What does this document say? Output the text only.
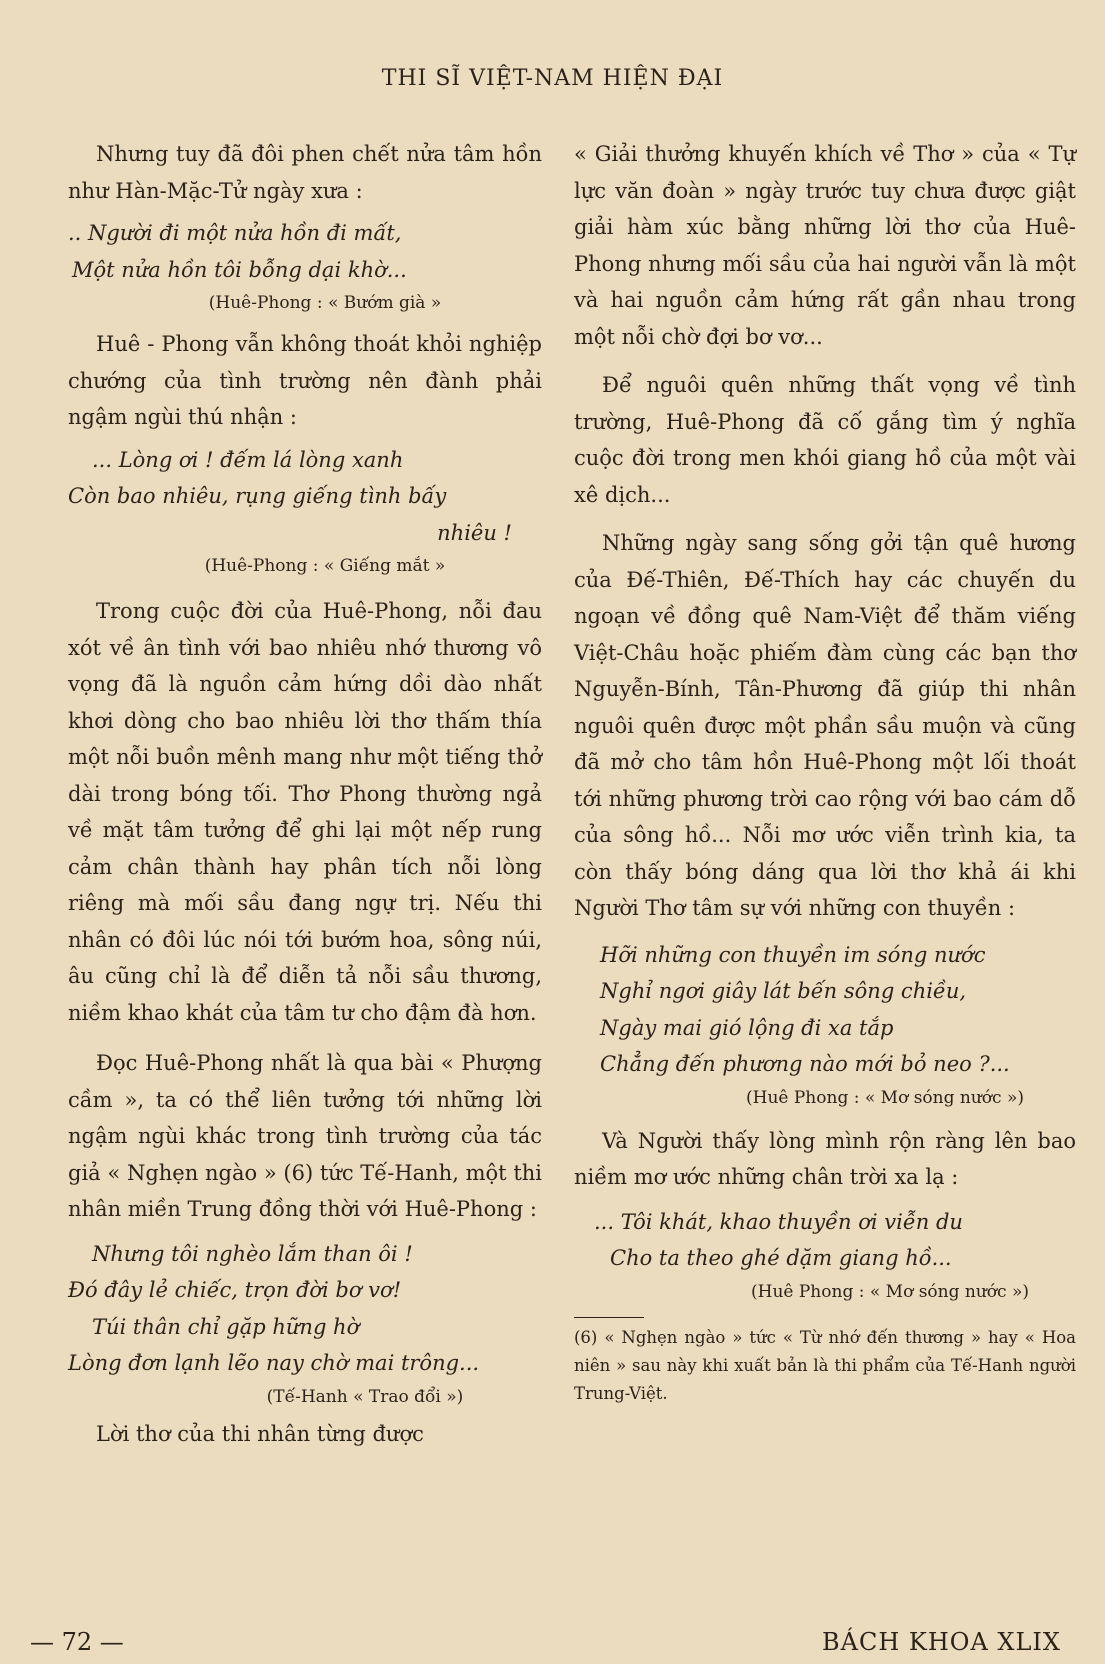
THI SĨ VIỆT-NAM HIỆN ĐẠI

Nhưng tuy đã đôi phen chết nửa tâm hồn như Hàn-Mặc-Tử ngày xưa :

.. Người đi một nửa hồn đi mất,
Một nửa hồn tôi bỗng dại khờ...

(Huê-Phong : « Bướm già »

Huê - Phong vẫn không thoát khỏi nghiệp chướng của tình trường nên đành phải ngậm ngùi thú nhận :

... Lòng ơi ! đếm lá lòng xanh
Còn bao nhiêu, rụng giếng tình bấy
nhiêu !

(Huê-Phong : « Giếng mắt »

Trong cuộc đời của Huê-Phong, nỗi đau xót về ân tình với bao nhiêu nhớ thương vô vọng đã là nguồn cảm hứng dồi dào nhất khơi dòng cho bao nhiêu lời thơ thấm thía một nỗi buồn mênh mang như một tiếng thở dài trong bóng tối. Thơ Phong thường ngả về mặt tâm tưởng để ghi lại một nếp rung cảm chân thành hay phân tích nỗi lòng riêng mà mối sầu đang ngự trị. Nếu thi nhân có đôi lúc nói tới bướm hoa, sông núi, âu cũng chỉ là để diễn tả nỗi sầu thương, niềm khao khát của tâm tư cho đậm đà hơn.

Đọc Huê-Phong nhất là qua bài « Phượng cầm », ta có thể liên tưởng tới những lời ngậm ngùi khác trong tình trường của tác giả « Nghẹn ngào » (6) tức Tế-Hanh, một thi nhân miền Trung đồng thời với Huê-Phong :

Nhưng tôi nghèo lắm than ôi !
Đó đây lẻ chiếc, trọn đời bơ vơ!
Túi thân chỉ gặp hững hờ
Lòng đơn lạnh lẽo nay chờ mai trông...

(Tế-Hanh « Trao đổi »)

Lời thơ của thi nhân từng được

« Giải thưởng khuyến khích về Thơ » của « Tự lực văn đoàn » ngày trước tuy chưa được giật giải hàm xúc bằng những lời thơ của Huê-Phong nhưng mối sầu của hai người vẫn là một và hai nguồn cảm hứng rất gần nhau trong một nỗi chờ đợi bơ vơ...

Để nguôi quên những thất vọng về tình trường, Huê-Phong đã cố gắng tìm ý nghĩa cuộc đời trong men khói giang hồ của một vài xê dịch...

Những ngày sang sống gởi tận quê hương của Đế-Thiên, Đế-Thích hay các chuyến du ngoạn về đồng quê Nam-Việt để thăm viếng Việt-Châu hoặc phiếm đàm cùng các bạn thơ Nguyễn-Bính, Tân-Phương đã giúp thi nhân nguôi quên được một phần sầu muộn và cũng đã mở cho tâm hồn Huê-Phong một lối thoát tới những phương trời cao rộng với bao cám dỗ của sông hồ... Nỗi mơ ước viễn trình kia, ta còn thấy bóng dáng qua lời thơ khả ái khi Người Thơ tâm sự với những con thuyền :

Hỡi những con thuyền im sóng nước
Nghỉ ngơi giây lát bến sông chiều,
Ngày mai gió lộng đi xa tắp
Chẳng đến phương nào mới bỏ neo ?...

(Huê Phong : « Mơ sóng nước »)

Và Người thấy lòng mình rộn ràng lên bao niềm mơ ước những chân trời xa lạ :

... Tôi khát, khao thuyền ơi viễn du
Cho ta theo ghé dặm giang hồ...

(Huê Phong : « Mơ sóng nước »)

(6) « Nghẹn ngào » tức « Từ nhớ đến thương » hay « Hoa niên » sau này khi xuất bản là thi phẩm của Tế-Hanh người Trung-Việt.

— 72 —	BÁCH KHOA XLIX
